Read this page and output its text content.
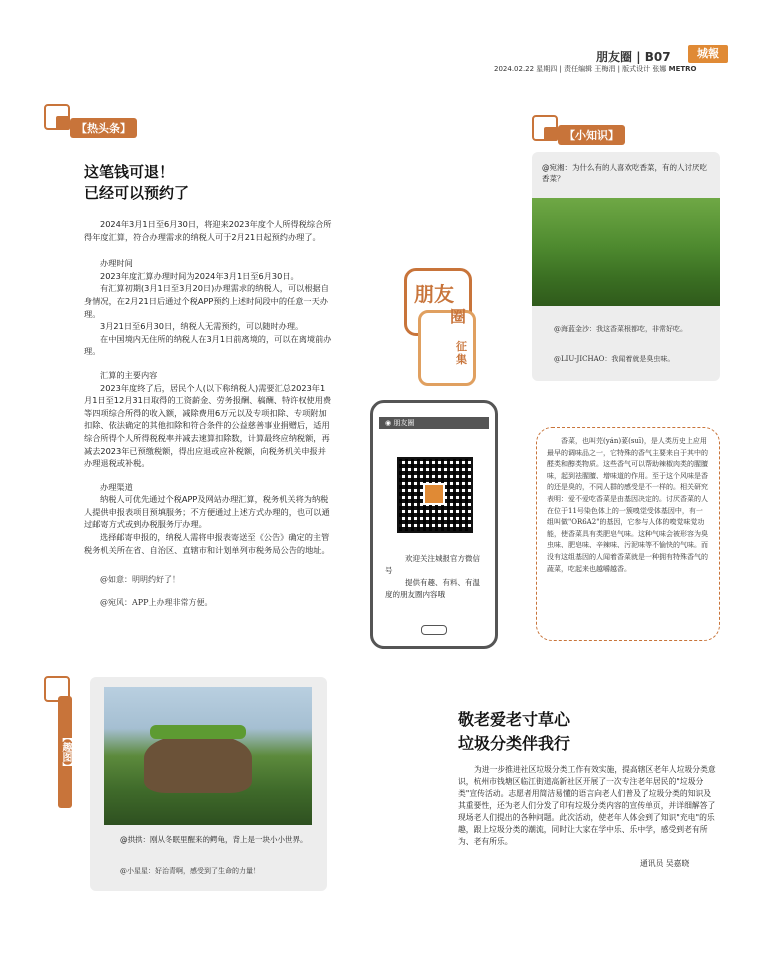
朋友圈 | B07	城報
2024.02.22 星期四 | 责任编辑 王梅涓 | 版式设计 张娜 METRO
【热头条】
这笔钱可退！
已经可以预约了

2024年3月1日至6月30日，将迎来2023年度个人所得税综合所得年度汇算，符合办理需求的纳税人可于2月21日起预约办理了。

办理时间

2023年度汇算办理时间为2024年3月1日至6月30日。

有汇算初期(3月1日至3月20日)办理需求的纳税人，可以根据自身情况，在2月21日后通过个税APP预约上述时间段中的任意一天办理。

3月21日至6月30日，纳税人无需预约，可以随时办理。

在中国境内无住所的纳税人在3月1日前离境的，可以在离境前办理。

汇算的主要内容

2023年度终了后，居民个人(以下称纳税人)需要汇总2023年1月1日至12月31日取得的工资薪金、劳务报酬、稿酬、特许权使用费等四项综合所得的收入额，减除费用6万元以及专项扣除、专项附加扣除、依法确定的其他扣除和符合条件的公益慈善事业捐赠后，适用综合所得个人所得税税率并减去速算扣除数，计算最终应纳税额，再减去2023年已预缴税额，得出应退或应补税额，向税务机关申报并办理退税或补税。

办理渠道

纳税人可优先通过个税APP及网站办理汇算，税务机关将为纳税人提供申报表项目预填服务；不方便通过上述方式办理的，也可以通过邮寄方式或到办税服务厅办理。

选择邮寄申报的，纳税人需将申报表寄送至《公告》确定的主管税务机关所在省、自治区、直辖市和计划单列市税务局公告的地址。

@如意：明明约好了！

@宛风：APP上办理非常方便。

【小知识】
@宛湘：为什么有的人喜欢吃香菜，有的人讨厌吃香菜？
@海蓝金沙：我这香菜根都吃，非常好吃。
@LIU-JICHAO：我闻着就是臭虫味。
香菜，也叫芫(yán)荽(suī)，是人类历史上应用最早的调味品之一，它特殊的香气主要来自于其中的醛类和醇类物质。这些香气可以帮助辣椒肉类的腥膻味，起到祛腥膻、增味道的作用。至于这个风味是香的还是臭的，不同人群的感受是不一样的。相关研究表明：爱不爱吃香菜是由基因决定的。讨厌香菜的人在位于11号染色体上的一簇嗅觉受体基因中，有一组叫做"OR6A2"的基因，它参与人体的嗅觉味觉功能，使香菜具有类肥皂气味。这种气味会被形容为臭虫味、肥皂味、辛辣味、污泥味等不愉快的气味。而没有这组基因的人闻着香菜就是一种拥有特殊香气的蔬菜，吃起来也越嚼越香。
朋友
圈
征集
◉ 朋友圈
欢迎关注城报官方微信号
提供有趣、有料、有温度的朋友圈内容哦
【趣图】
@拱拱：刚从冬眠里醒来的鳄龟，背上是一块小小世界。
@小星星：好治青啊，感受到了生命的力量！
敬老爱老寸草心
垃圾分类伴我行
为进一步推进社区垃圾分类工作有效实施，提高辖区老年人垃圾分类意识，杭州市钱塘区临江街道高新社区开展了一次专注老年居民的"垃圾分类"宣传活动。志愿者用简洁易懂的语言向老人们普及了垃圾分类的知识及其重要性，还为老人们分发了印有垃圾分类内容的宣传单页，并详细解答了现场老人们提出的各种问题。此次活动，使老年人体会到了知识"充电"的乐趣，跟上垃圾分类的潮流，同时让大家在学中乐、乐中学，感受到老有所为、老有所乐。
通讯员 吴嘉晓
